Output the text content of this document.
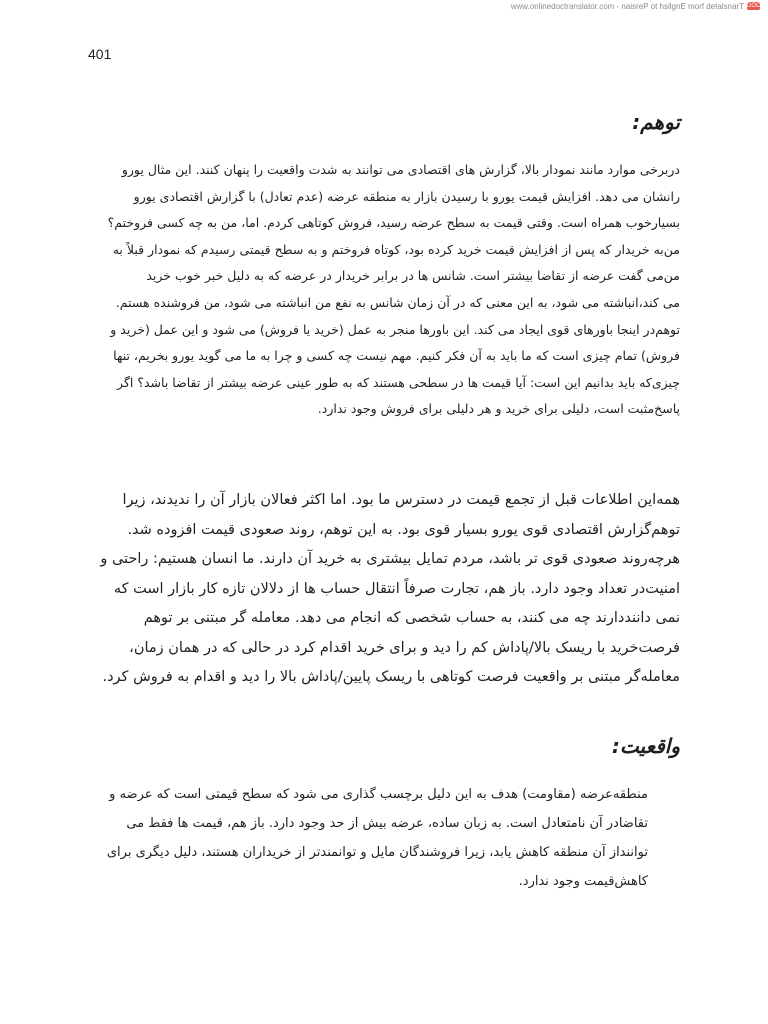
www.onlinedoctranslator.com - naisreP ot hsilgnE morf detalsnarT DOC
401
توهم:
دربرخی موارد مانند نمودار بالا، گزارش های اقتصادی می توانند به شدت واقعیت را پنهان کنند. این مثال یورو
رانشان می دهد. افزایش قیمت یورو با رسیدن بازار به منطقه عرضه (عدم تعادل) با گزارش اقتصادی یورو
بسیارخوب همراه است. وقتی قیمت به سطح عرضه رسید، فروش کوتاهی کردم. اما، من به چه کسی فروختم؟
من‌به خریدار که پس از افزایش قیمت خرید کرده بود، کوتاه فروختم و به سطح قیمتی رسیدم که نمودار قبلاً به
من‌می گفت عرضه از تقاضا بیشتر است. شانس ها در برابر خریدار در عرضه که به دلیل خبر خوب خرید
می کند،انباشته می شود، به این معنی که در آن زمان شانس به نفع من انباشته می شود، من فروشنده هستم.
توهم‌در اینجا باورهای قوی ایجاد می کند. این باورها منجر به عمل (خرید یا فروش) می شود و این عمل (خرید و
فروش) تمام چیزی است که ما باید به آن فکر کنیم. مهم نیست چه کسی و چرا به ما می گوید یورو بخریم، تنها
چیزی‌که باید بدانیم این است: آیا قیمت ها در سطحی هستند که به طور عینی عرضه بیشتر از تقاضا باشد؟ اگر
پاسخ‌مثبت است، دلیلی برای خرید و هر دلیلی برای فروش وجود ندارد.
همه‌این اطلاعات قبل از تجمع قیمت در دسترس ما بود. اما اکثر فعالان بازار آن را ندیدند، زیرا
توهم‌گزارش اقتصادی قوی یورو بسیار قوی بود. به این توهم، روند صعودی قیمت افزوده شد.
هرچه‌روند صعودی قوی تر باشد، مردم تمایل بیشتری به خرید آن دارند. ما انسان هستیم: راحتی و
امنیت‌در تعداد وجود دارد. باز هم، تجارت صرفاً انتقال حساب ها از دلالان تازه کار بازار است که
نمی دانند‌دارند چه می کنند، به حساب شخصی که انجام می دهد. معامله گر مبتنی بر توهم
فرصت‌خرید با ریسک بالا/پاداش کم را دید و برای خرید اقدام کرد در حالی که در همان زمان،
معامله‌گر مبتنی بر واقعیت فرصت کوتاهی با ریسک پایین/پاداش بالا را دید و اقدام به فروش کرد.
واقعیت:
منطقه‌عرضه (مقاومت) هدف به این دلیل برچسب گذاری می شود که سطح قیمتی است که عرضه و
تقاضادر آن نامتعادل است. به زبان ساده، عرضه بیش از حد وجود دارد. باز هم، قیمت ها فقط می
تواننداز آن منطقه کاهش یابد، زیرا فروشندگان مایل و توانمندتر از خریداران هستند، دلیل دیگری برای
کاهش‌قیمت وجود ندارد.
